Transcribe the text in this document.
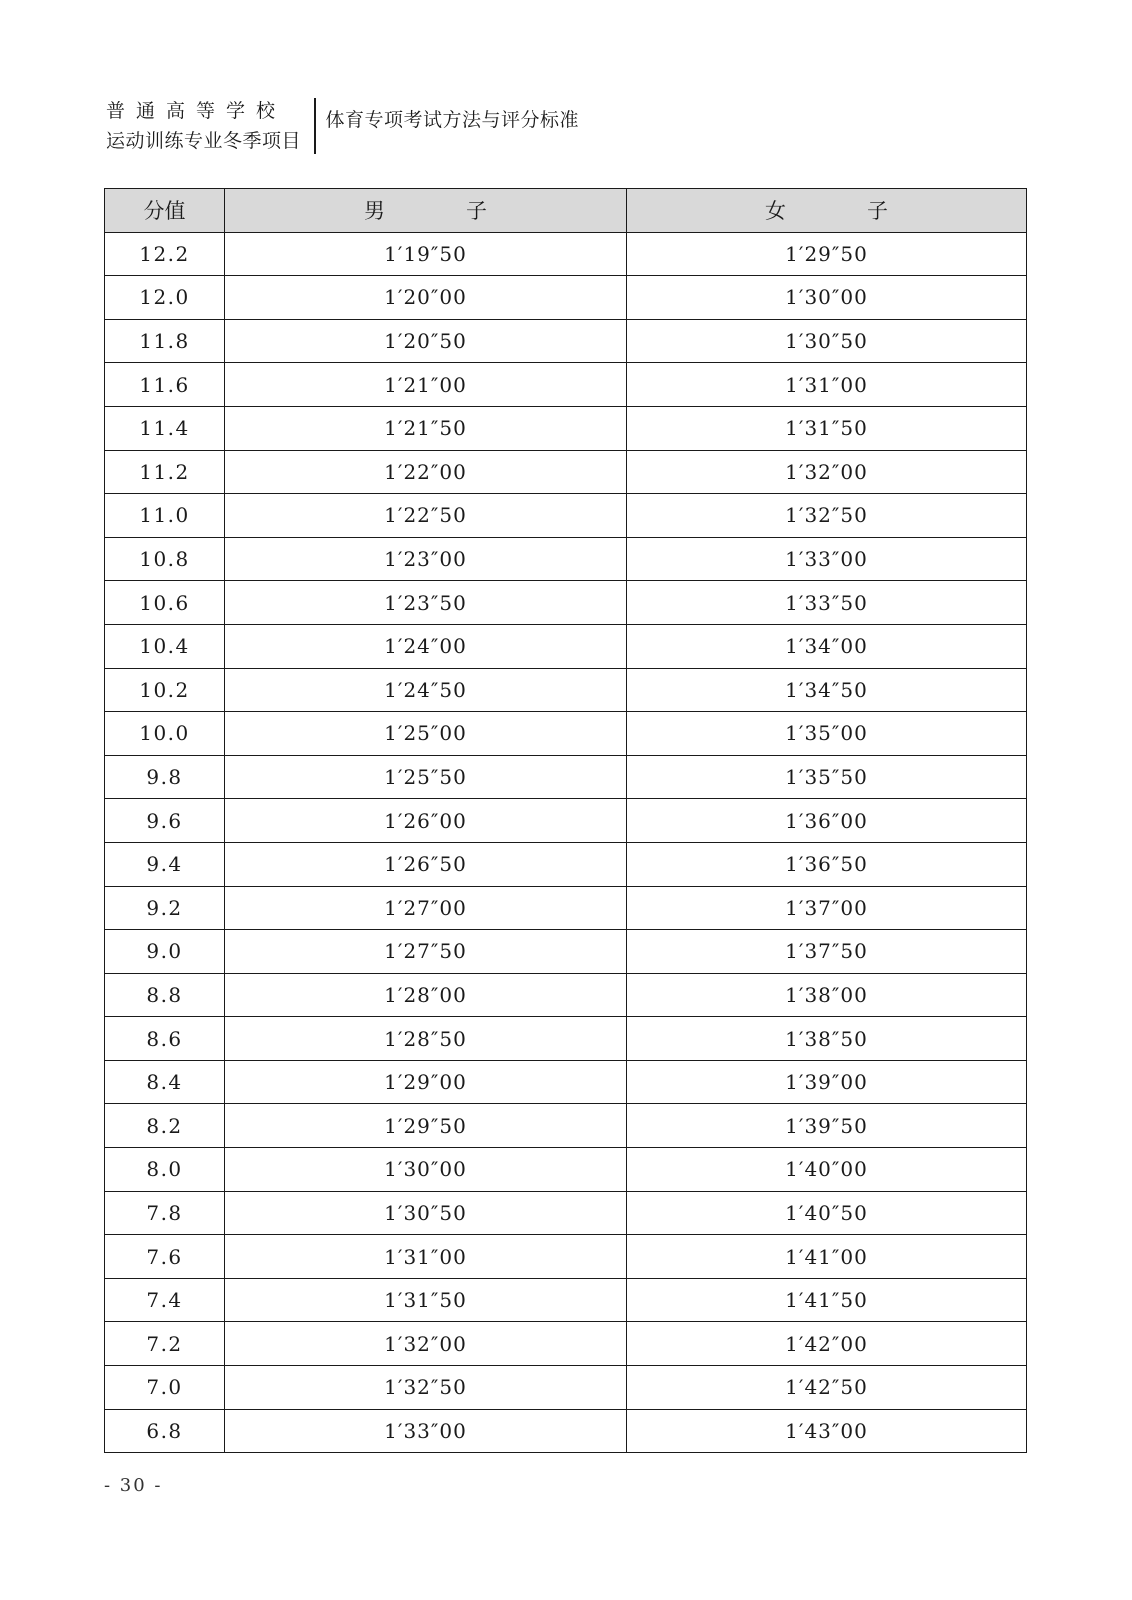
普通高等学校
运动训练专业冬季项目
体育专项考试方法与评分标准
分值	男　子	女　子
12.2	1′19″50	1′29″50
12.0	1′20″00	1′30″00
11.8	1′20″50	1′30″50
11.6	1′21″00	1′31″00
11.4	1′21″50	1′31″50
11.2	1′22″00	1′32″00
11.0	1′22″50	1′32″50
10.8	1′23″00	1′33″00
10.6	1′23″50	1′33″50
10.4	1′24″00	1′34″00
10.2	1′24″50	1′34″50
10.0	1′25″00	1′35″00
9.8	1′25″50	1′35″50
9.6	1′26″00	1′36″00
9.4	1′26″50	1′36″50
9.2	1′27″00	1′37″00
9.0	1′27″50	1′37″50
8.8	1′28″00	1′38″00
8.6	1′28″50	1′38″50
8.4	1′29″00	1′39″00
8.2	1′29″50	1′39″50
8.0	1′30″00	1′40″00
7.8	1′30″50	1′40″50
7.6	1′31″00	1′41″00
7.4	1′31″50	1′41″50
7.2	1′32″00	1′42″00
7.0	1′32″50	1′42″50
6.8	1′33″00	1′43″00
- 30 -
